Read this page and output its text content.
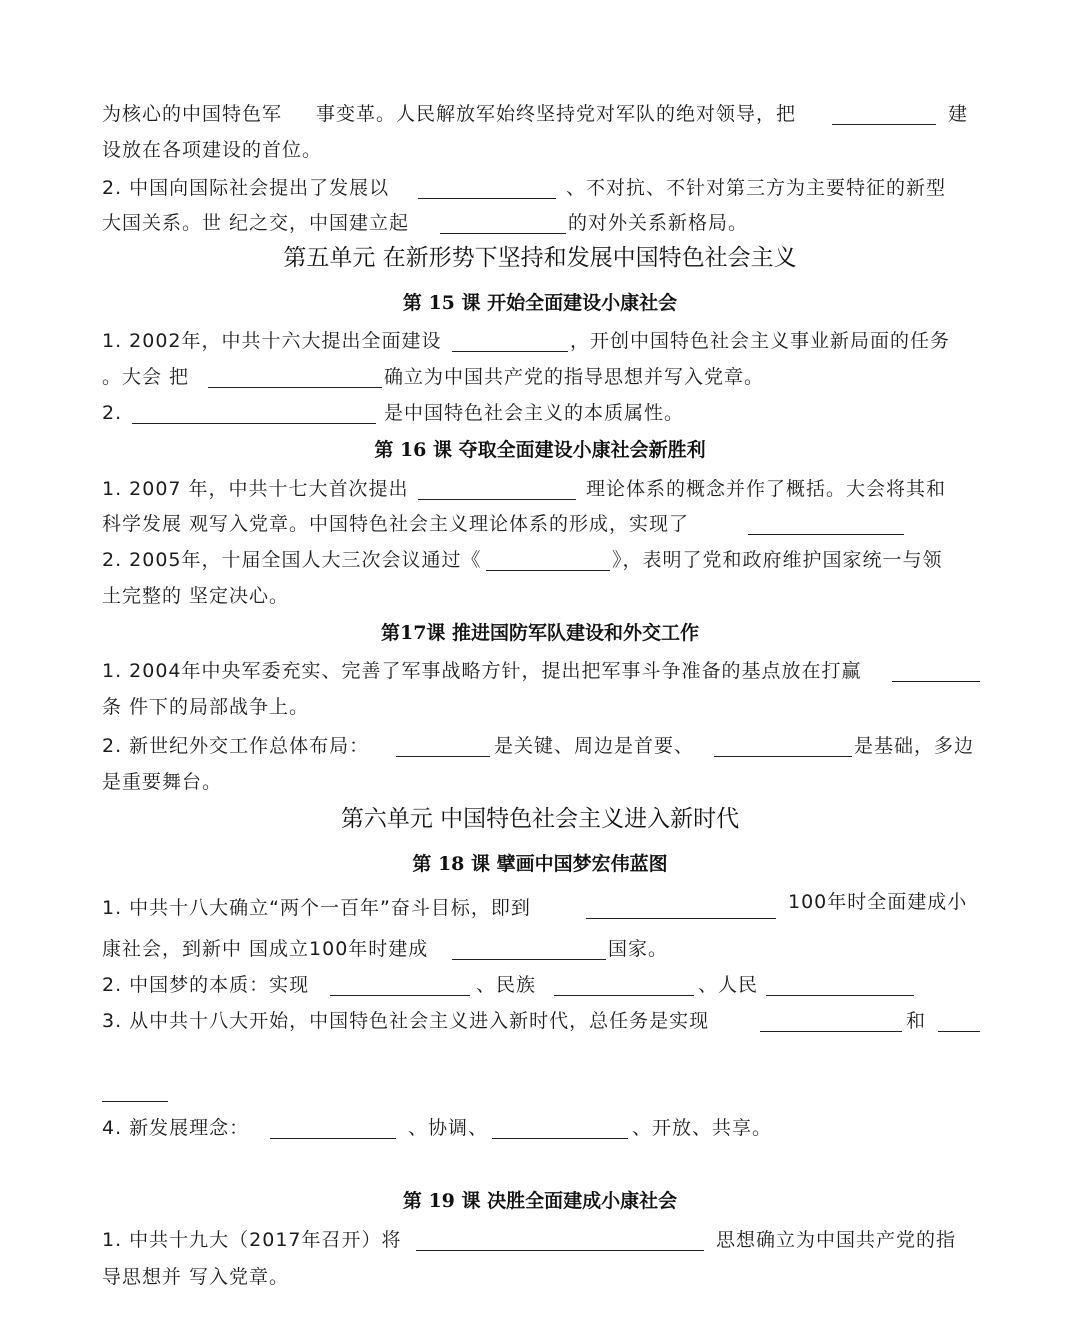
为核心的中国特色军 事变革。人民解放军始终坚持党对军队的绝对领导，把	建
设放在各项建设的首位。
2. 中国向国际社会提出了发展以	、不对抗、不针对第三方为主要特征的新型
大国关系。世 纪之交，中国建立起	的对外关系新格局。
第五单元 在新形势下坚持和发展中国特色社会主义
第 15 课 开始全面建设小康社会
1. 2002年，中共十六大提出全面建设	，开创中国特色社会主义事业新局面的任务
。大会 把	确立为中国共产党的指导思想并写入党章。
2.	是中国特色社会主义的本质属性。
第 16 课 夺取全面建设小康社会新胜利
1. 2007 年，中共十七大首次提出	理论体系的概念并作了概括。大会将其和
科学发展 观写入党章。中国特色社会主义理论体系的形成，实现了
2. 2005年，十届全国人大三次会议通过《	》，表明了党和政府维护国家统一与领
土完整的 坚定决心。
第17课 推进国防军队建设和外交工作
1. 2004年中央军委充实、完善了军事战略方针，提出把军事斗争准备的基点放在打赢
条 件下的局部战争上。
2. 新世纪外交工作总体布局：	是关键、周边是首要、	是基础，多边
是重要舞台。
第六单元 中国特色社会主义进入新时代
第 18 课 擘画中国梦宏伟蓝图
1. 中共十八大确立“两个一百年”奋斗目标，即到	100年时全面建成小
康社会，到新中 国成立100年时建成	国家。
2. 中国梦的本质：实现	、民族	、人民
3. 从中共十八大开始，中国特色社会主义进入新时代，总任务是实现	和
4. 新发展理念：	、协调、	、开放、共享。
第 19 课 决胜全面建成小康社会
1. 中共十九大（2017年召开）将	思想确立为中国共产党的指
导思想并 写入党章。
